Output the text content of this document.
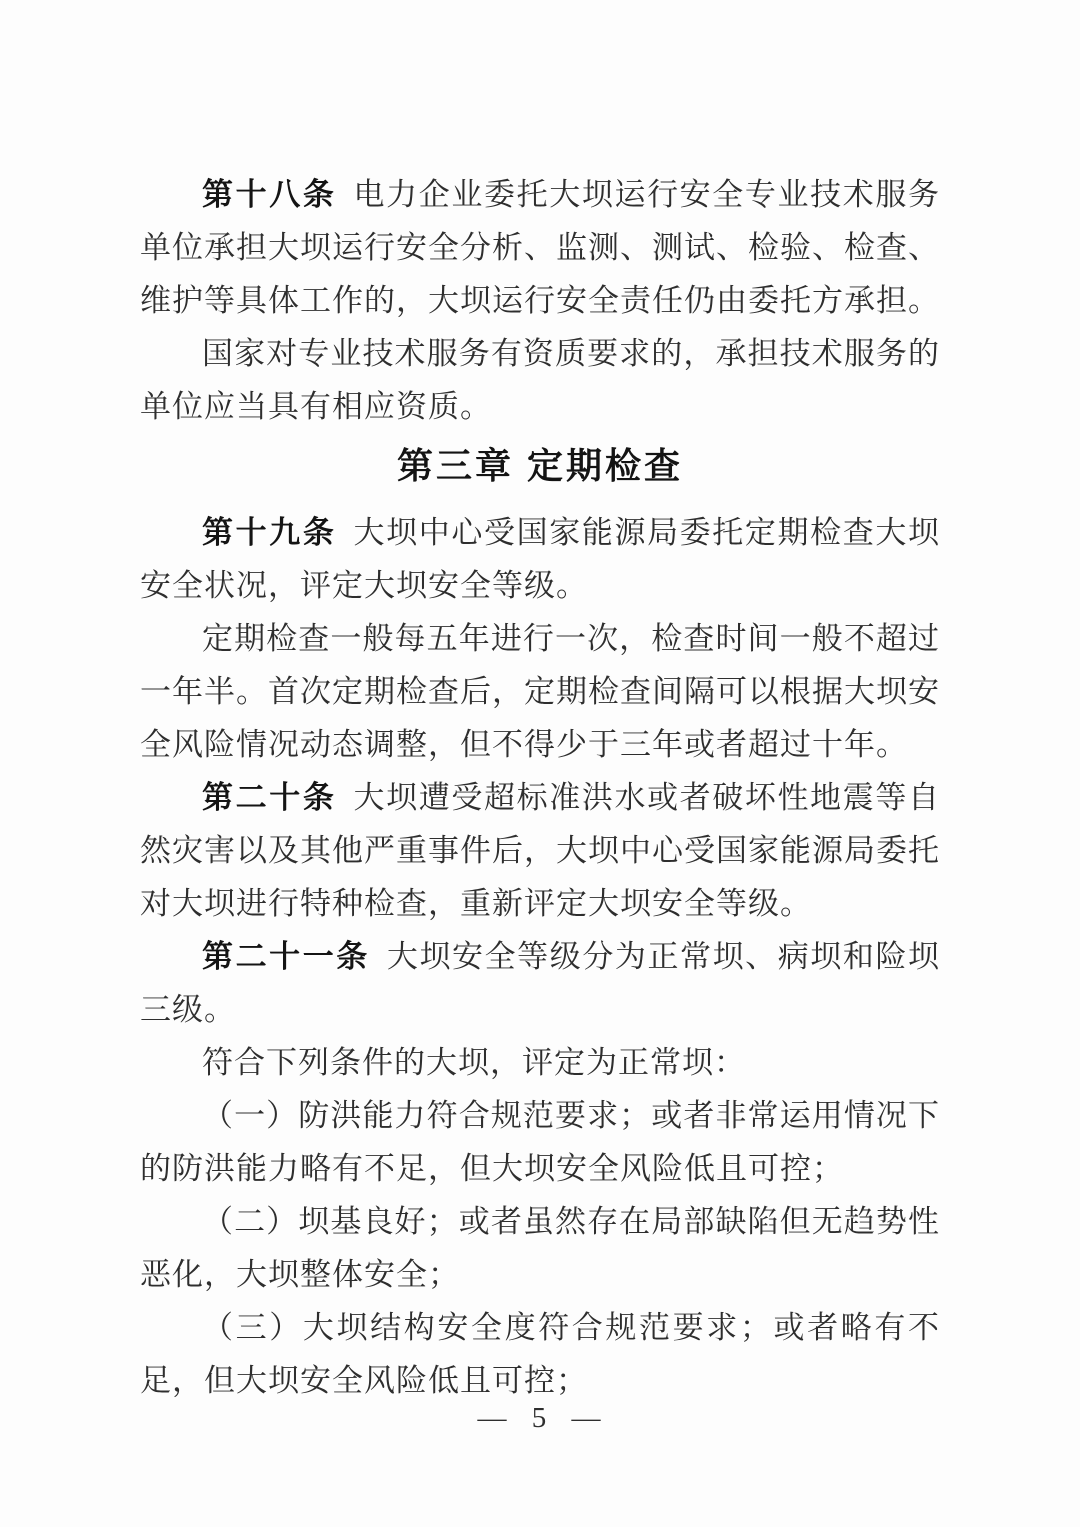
第十八条 电力企业委托大坝运行安全专业技术服务单位承担大坝运行安全分析、监测、测试、检验、检查、维护等具体工作的，大坝运行安全责任仍由委托方承担。

国家对专业技术服务有资质要求的，承担技术服务的单位应当具有相应资质。

第三章 定期检查

第十九条 大坝中心受国家能源局委托定期检查大坝安全状况，评定大坝安全等级。

定期检查一般每五年进行一次，检查时间一般不超过一年半。首次定期检查后，定期检查间隔可以根据大坝安全风险情况动态调整，但不得少于三年或者超过十年。

第二十条 大坝遭受超标准洪水或者破坏性地震等自然灾害以及其他严重事件后，大坝中心受国家能源局委托对大坝进行特种检查，重新评定大坝安全等级。

第二十一条 大坝安全等级分为正常坝、病坝和险坝三级。

符合下列条件的大坝，评定为正常坝：

（一）防洪能力符合规范要求；或者非常运用情况下的防洪能力略有不足，但大坝安全风险低且可控；

（二）坝基良好；或者虽然存在局部缺陷但无趋势性恶化，大坝整体安全；

（三）大坝结构安全度符合规范要求；或者略有不足，但大坝安全风险低且可控；

— 5 —
